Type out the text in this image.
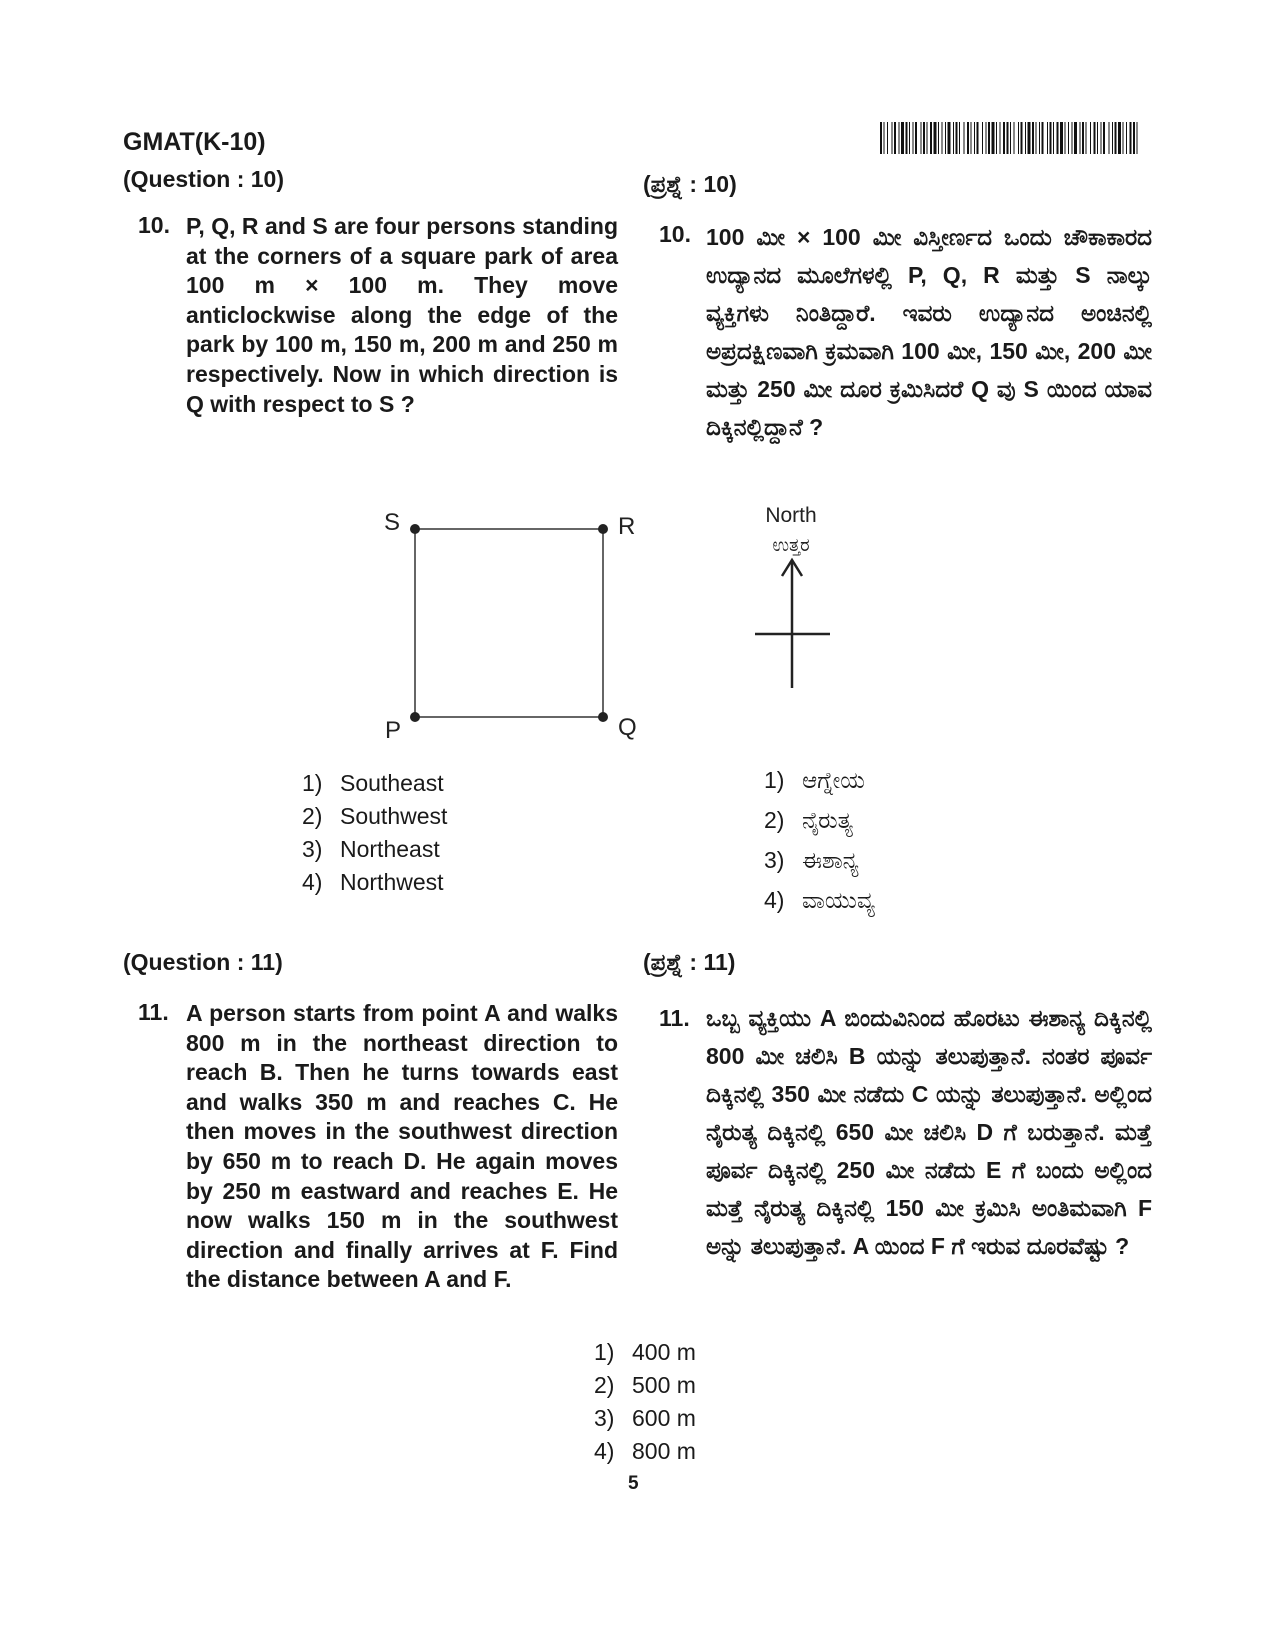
GMAT(K-10)
(Question : 10)	(ಪ್ರಶ್ನೆ : 10)
10. P, Q, R and S are four persons standing at the corners of a square park of area 100 m × 100 m. They move anticlockwise along the edge of the park by 100 m, 150 m, 200 m and 250 m respectively. Now in which direction is Q with respect to S ?
10. 100 ಮೀ × 100 ಮೀ ವಿಸ್ತೀರ್ಣದ ಒಂದು ಚೌಕಾಕಾರದ ಉದ್ಯಾನದ ಮೂಲೆಗಳಲ್ಲಿ P, Q, R ಮತ್ತು S ನಾಲ್ಕು ವ್ಯಕ್ತಿಗಳು ನಿಂತಿದ್ದಾರೆ. ಇವರು ಉದ್ಯಾನದ ಅಂಚಿನಲ್ಲಿ ಅಪ್ರದಕ್ಷಿಣವಾಗಿ ಕ್ರಮವಾಗಿ 100 ಮೀ, 150 ಮೀ, 200 ಮೀ ಮತ್ತು 250 ಮೀ ದೂರ ಕ್ರಮಿಸಿದರೆ Q ವು S ಯಿಂದ ಯಾವ ದಿಕ್ಕಿನಲ್ಲಿದ್ದಾನೆ ?
S	R
P	Q
North
ಉತ್ತರ
1) Southeast
2) Southwest
3) Northeast
4) Northwest
1) ಆಗ್ನೇಯ
2) ನೈರುತ್ಯ
3) ಈಶಾನ್ಯ
4) ವಾಯುವ್ಯ
(Question : 11)	(ಪ್ರಶ್ನೆ : 11)
11. A person starts from point A and walks 800 m in the northeast direction to reach B. Then he turns towards east and walks 350 m and reaches C. He then moves in the southwest direction by 650 m to reach D. He again moves by 250 m eastward and reaches E. He now walks 150 m in the southwest direction and finally arrives at F. Find the distance between A and F.
11. ಒಬ್ಬ ವ್ಯಕ್ತಿಯು A ಬಿಂದುವಿನಿಂದ ಹೊರಟು ಈಶಾನ್ಯ ದಿಕ್ಕಿನಲ್ಲಿ 800 ಮೀ ಚಲಿಸಿ B ಯನ್ನು ತಲುಪುತ್ತಾನೆ. ನಂತರ ಪೂರ್ವ ದಿಕ್ಕಿನಲ್ಲಿ 350 ಮೀ ನಡೆದು C ಯನ್ನು ತಲುಪುತ್ತಾನೆ. ಅಲ್ಲಿಂದ ನೈರುತ್ಯ ದಿಕ್ಕಿನಲ್ಲಿ 650 ಮೀ ಚಲಿಸಿ D ಗೆ ಬರುತ್ತಾನೆ. ಮತ್ತೆ ಪೂರ್ವ ದಿಕ್ಕಿನಲ್ಲಿ 250 ಮೀ ನಡೆದು E ಗೆ ಬಂದು ಅಲ್ಲಿಂದ ಮತ್ತೆ ನೈರುತ್ಯ ದಿಕ್ಕಿನಲ್ಲಿ 150 ಮೀ ಕ್ರಮಿಸಿ ಅಂತಿಮವಾಗಿ F ಅನ್ನು ತಲುಪುತ್ತಾನೆ. A ಯಿಂದ F ಗೆ ಇರುವ ದೂರವೆಷ್ಟು ?
1) 400 m
2) 500 m
3) 600 m
4) 800 m
5
